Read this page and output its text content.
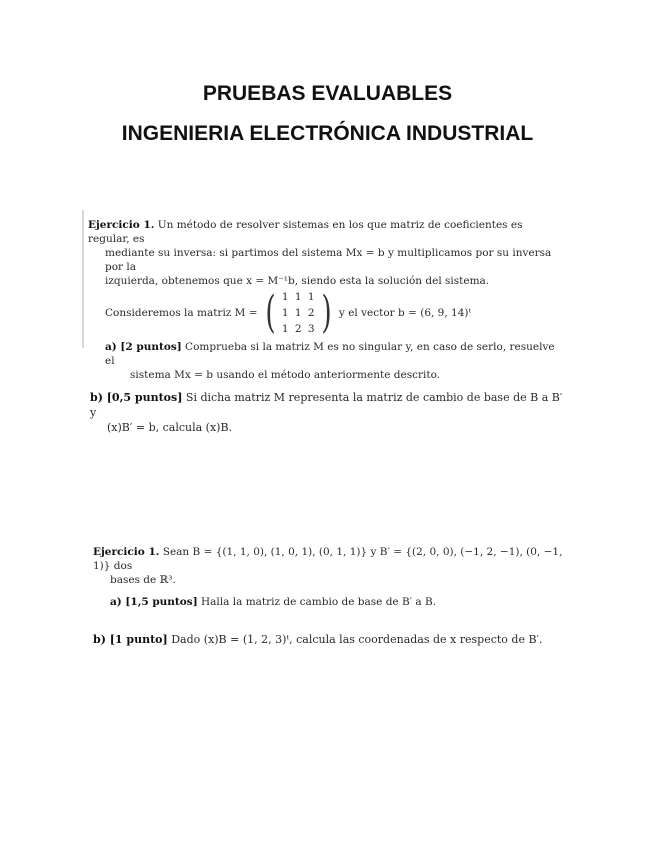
PRUEBAS EVALUABLES
INGENIERIA ELECTRÓNICA INDUSTRIAL
Ejercicio 1. Un método de resolver sistemas en los que matriz de coeficientes es regular, es
mediante su inversa: si partimos del sistema Mx = b y multiplicamos por su inversa por la
izquierda, obtenemos que x = M⁻¹b, siendo esta la solución del sistema.
Consideremos la matriz M = ( 1 1 1
1 1 2
1 2 3 ) y el vector b = (6, 9, 14)ᵗ
a) [2 puntos] Comprueba si la matriz M es no singular y, en caso de serlo, resuelve el
sistema Mx = b usando el método anteriormente descrito.
b) [0,5 puntos] Si dicha matriz M representa la matriz de cambio de base de B a B′ y
(x)B′ = b, calcula (x)B.
Ejercicio 1. Sean B = {(1, 1, 0), (1, 0, 1), (0, 1, 1)} y B′ = {(2, 0, 0), (−1, 2, −1), (0, −1, 1)} dos
bases de ℝ³.
a) [1,5 puntos] Halla la matriz de cambio de base de B′ a B.
b) [1 punto] Dado (x)B = (1, 2, 3)ᵗ, calcula las coordenadas de x respecto de B′.
